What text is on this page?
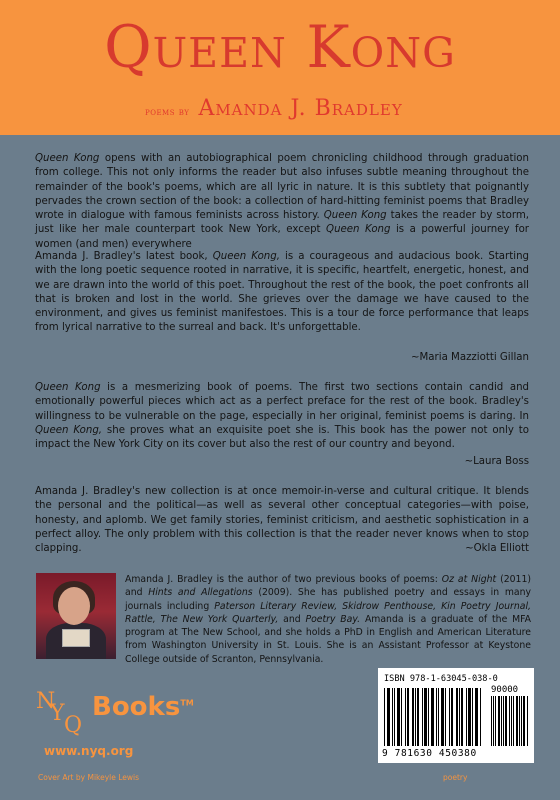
Queen Kong
poems by Amanda J. Bradley
Queen Kong opens with an autobiographical poem chronicling childhood through graduation from college. This not only informs the reader but also infuses subtle meaning throughout the remainder of the book's poems, which are all lyric in nature. It is this subtlety that poignantly pervades the crown section of the book: a collection of hard-hitting feminist poems that Bradley wrote in dialogue with famous feminists across history. Queen Kong takes the reader by storm, just like her male counterpart took New York, except Queen Kong is a powerful journey for women (and men) everywhere
Amanda J. Bradley's latest book, Queen Kong, is a courageous and audacious book. Starting with the long poetic sequence rooted in narrative, it is specific, heartfelt, energetic, honest, and we are drawn into the world of this poet. Throughout the rest of the book, the poet confronts all that is broken and lost in the world. She grieves over the damage we have caused to the environment, and gives us feminist manifestoes. This is a tour de force performance that leaps from lyrical narrative to the surreal and back. It's unforgettable.
~Maria Mazziotti Gillan
Queen Kong is a mesmerizing book of poems. The first two sections contain candid and emotionally powerful pieces which act as a perfect preface for the rest of the book. Bradley's willingness to be vulnerable on the page, especially in her original, feminist poems is daring. In Queen Kong, she proves what an exquisite poet she is. This book has the power not only to impact the New York City on its cover but also the rest of our country and beyond.
~Laura Boss
Amanda J. Bradley's new collection is at once memoir-in-verse and cultural critique. It blends the personal and the political—as well as several other conceptual categories—with poise, honesty, and aplomb. We get family stories, feminist criticism, and aesthetic sophistication in a perfect alloy. The only problem with this collection is that the reader never knows when to stop clapping.	~Okla Elliott
Amanda J. Bradley is the author of two previous books of poems: Oz at Night (2011) and Hints and Allegations (2009). She has published poetry and essays in many journals including Paterson Literary Review, Skidrow Penthouse, Kin Poetry Journal, Rattle, The New York Quarterly, and Poetry Bay. Amanda is a graduate of the MFA program at The New School, and she holds a PhD in English and American Literature from Washington University in St. Louis. She is an Assistant Professor at Keystone College outside of Scranton, Pennsylvania.
N
Y Q
Books™
www.nyq.org
Cover Art by Mikeyle Lewis	poetry
ISBN 978-1-63045-038-0
90000
9 781630 450380
